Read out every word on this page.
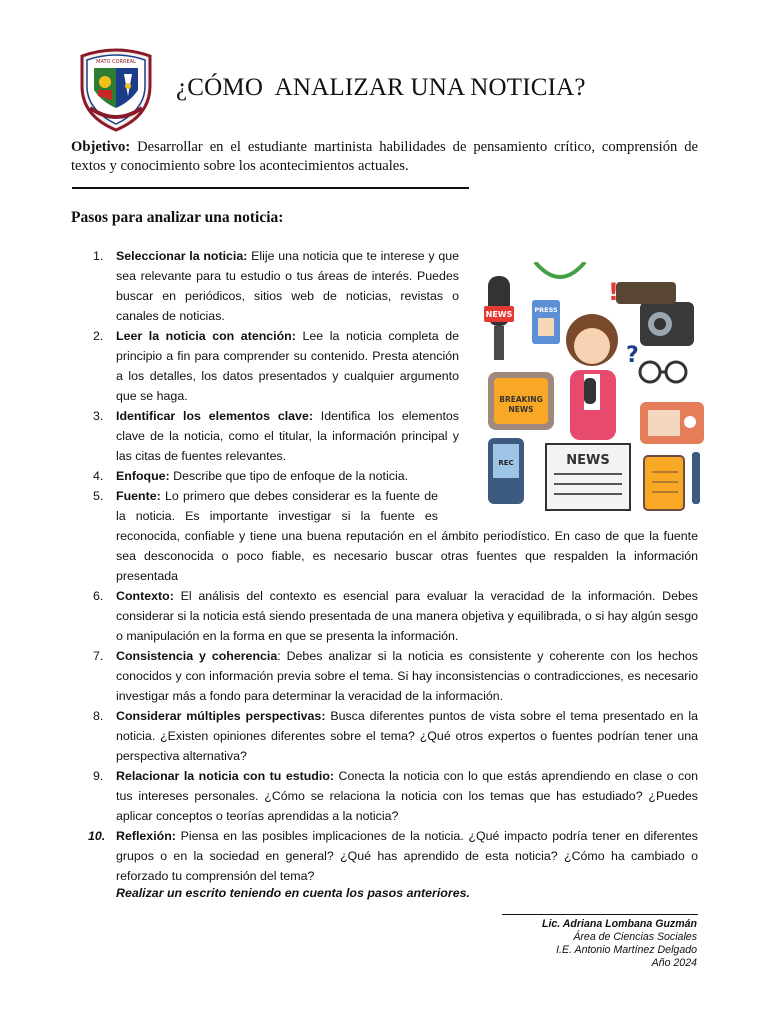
MATO CORREAL
¿CÓMO  ANALIZAR UNA NOTICIA?

Objetivo: Desarrollar en el estudiante martinista habilidades de pensamiento crítico, comprensión de textos y conocimiento sobre los acontecimientos actuales.

Pasos para analizar una noticia:
NEWS	PRESS
!
?
BREAKING
NEWS
REC	NEWS
1. Seleccionar la noticia: Elije una noticia que te interese y que sea relevante para tu estudio o tus áreas de interés. Puedes buscar en periódicos, sitios web de noticias, revistas o canales de noticias.
2. Leer la noticia con atención: Lee la noticia completa de principio a fin para comprender su contenido. Presta atención a los detalles, los datos presentados y cualquier argumento que se haga.
3. Identificar los elementos clave: Identifica los elementos clave de la noticia, como el titular, la información principal y las citas de fuentes relevantes.
4. Enfoque: Describe que tipo de enfoque de la noticia.
5. Fuente: Lo primero que debes considerar es la fuente de la noticia. Es importante investigar si la fuente es reconocida, confiable y tiene una buena reputación en el ámbito periodístico. En caso de que la fuente sea desconocida o poco fiable, es necesario buscar otras fuentes que respalden la información presentada
6. Contexto: El análisis del contexto es esencial para evaluar la veracidad de la información. Debes considerar si la noticia está siendo presentada de una manera objetiva y equilibrada, o si hay algún sesgo o manipulación en la forma en que se presenta la información.
7. Consistencia y coherencia: Debes analizar si la noticia es consistente y coherente con los hechos conocidos y con información previa sobre el tema. Si hay inconsistencias o contradicciones, es necesario investigar más a fondo para determinar la veracidad de la información.
8. Considerar múltiples perspectivas: Busca diferentes puntos de vista sobre el tema presentado en la noticia. ¿Existen opiniones diferentes sobre el tema? ¿Qué otros expertos o fuentes podrían tener una perspectiva alternativa?
9. Relacionar la noticia con tu estudio: Conecta la noticia con lo que estás aprendiendo en clase o con tus intereses personales. ¿Cómo se relaciona la noticia con los temas que has estudiado? ¿Puedes aplicar conceptos o teorías aprendidas a la noticia?
10. Reflexión: Piensa en las posibles implicaciones de la noticia. ¿Qué impacto podría tener en diferentes grupos o en la sociedad en general? ¿Qué has aprendido de esta noticia? ¿Cómo ha cambiado o reforzado tu comprensión del tema?

Realizar un escrito teniendo en cuenta los pasos anteriores.

Lic. Adriana Lombana Guzmán
Área de Ciencias Sociales
I.E. Antonio Martínez Delgado
Año 2024
